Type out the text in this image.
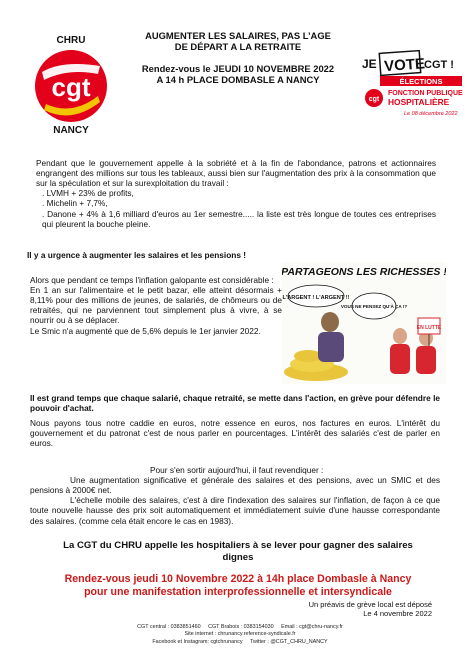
CHRU
cgt
NANCY
AUGMENTER LES SALAIRES, PAS L’AGE
DE DÉPART A LA RETRAITE
Rendez-vous le JEUDI 10 NOVEMBRE 2022
A 14 h PLACE DOMBASLE A NANCY
JE VOTE
CGT !
ÉLECTIONS
cgt
FONCTION PUBLIQUE
HOSPITALIÈRE
Le 08 décembre 2022
Pendant que le gouvernement appelle à la sobriété et à la fin de l'abondance, patrons et actionnaires engrangent des millions sur tous les tableaux, aussi bien sur l'augmentation des prix à la consommation que sur la spéculation et sur la surexploitation du travail :
. LVMH + 23% de profits,
. Michelin + 7,7%,
. Danone + 4% à 1,6 milliard d'euros au 1er semestre..... la liste est très longue de toutes ces entreprises qui pleurent la bouche pleine.
Il y a urgence à augmenter les salaires et les pensions !
Alors que pendant ce temps l'inflation galopante est considérable :
En 1 an sur l'alimentaire et le petit bazar, elle atteint désormais + 8,11% pour des millions de jeunes, de salariés, de chômeurs ou de retraités, qui ne parviennent tout simplement plus à vivre, à se nourrir ou à se déplacer.
Le Smic n'a augmenté que de 5,6% depuis le 1er janvier 2022.
PARTAGEONS LES RICHESSES !
L'ARGENT ! L'ARGENT !!
VOUS NE PENSEZ QU'À ÇA !?
EN LUTTE
Il est grand temps que chaque salarié, chaque retraité, se mette dans l'action, en grève pour défendre le pouvoir d'achat.
Nous payons tous notre caddie en euros, notre essence en euros, nos factures en euros. L'intérêt du gouvernement et du patronat c'est de nous parler en pourcentages. L'intérêt des salariés c'est de parler en euros.
Pour s'en sortir aujourd'hui, il faut revendiquer :
Une augmentation significative et générale des salaires et des pensions, avec un SMIC et des pensions à 2000€ net.
L'échelle mobile des salaires, c'est à dire l'indexation des salaires sur l'inflation, de façon à ce que toute nouvelle hausse des prix soit automatiquement et immédiatement suivie d'une hausse correspondante des salaires. (comme cela était encore le cas en 1983).
La CGT du CHRU appelle les hospitaliers à se lever pour gagner des salaires
dignes
Rendez-vous jeudi 10 Novembre 2022 à 14h place Dombasle à Nancy
pour une manifestation interprofessionnelle et intersyndicale
Un préavis de grève local est déposé
Le 4 novembre 2022
CGT central : 0383851460 CGT Brabois : 0383154030 Email : cgt@chru-nancy.fr
Site internet : chrunancy.reference-syndicale.fr
Facebook et Instagram: cgtchrunancy Twitter : @CGT_CHRU_NANCY
